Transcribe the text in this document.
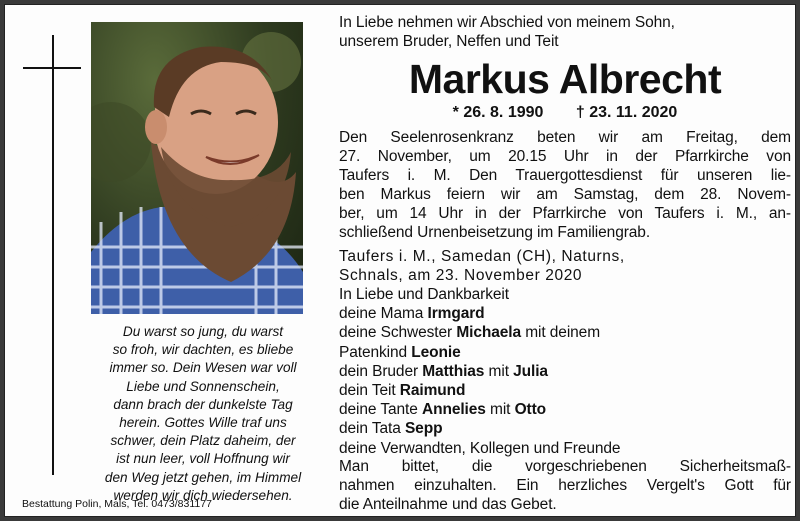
Du warst so jung, du warst
so froh, wir dachten, es bliebe
immer so. Dein Wesen war voll
Liebe und Sonnenschein,
dann brach der dunkelste Tag
herein. Gottes Wille traf uns
schwer, dein Platz daheim, der
ist nun leer, voll Hoffnung wir
den Weg jetzt gehen, im Himmel
werden wir dich wiedersehen.
Bestattung Polin, Mals, Tel. 0473/831177
In Liebe nehmen wir Abschied von meinem Sohn,
unserem Bruder, Neffen und Teit
Markus Albrecht
* 26. 8. 1990 † 23. 11. 2020
Den Seelenrosenkranz beten wir am Freitag, dem
27. November, um 20.15 Uhr in der Pfarrkirche von
Taufers i. M. Den Trauergottesdienst für unseren lie-
ben Markus feiern wir am Samstag, dem 28. Novem-
ber, um 14 Uhr in der Pfarrkirche von Taufers i. M., an-
schließend Urnenbeisetzung im Familiengrab.
Taufers i. M., Samedan (CH), Naturns,
Schnals, am 23. November 2020
In Liebe und Dankbarkeit
deine Mama Irmgard
deine Schwester Michaela mit deinem
Patenkind Leonie
dein Bruder Matthias mit Julia
dein Teit Raimund
deine Tante Annelies mit Otto
dein Tata Sepp
deine Verwandten, Kollegen und Freunde
Man bittet, die vorgeschriebenen Sicherheitsmaß-
nahmen einzuhalten. Ein herzliches Vergelt's Gott für
die Anteilnahme und das Gebet.
